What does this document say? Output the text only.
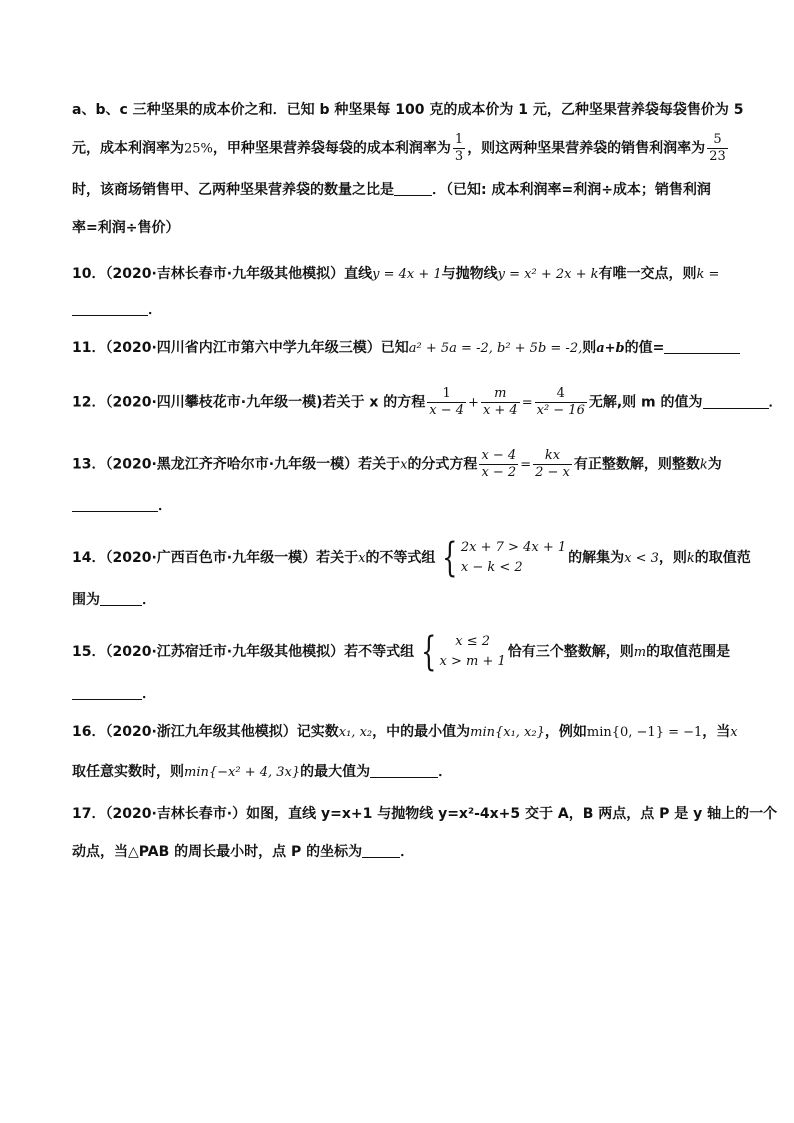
a、b、c 三种坚果的成本价之和．已知 b 种坚果每 100 克的成本价为 1 元，乙种坚果营养袋每袋售价为 5
元，成本利润率为25%，甲种坚果营养袋每袋的成本利润率为 $\frac{1}{3}$ ，则这两种坚果营养袋的销售利润率为 $\frac{5}{23}$
时，该商场销售甲、乙两种坚果营养袋的数量之比是	．（已知: 成本利润率=利润÷成本；销售利润
率=利润÷售价）
10．（2020·吉林长春市·九年级其他模拟）直线y = 4x + 1与抛物线y = x² + 2x + k有唯一交点，则k =
．
11．（2020·四川省内江市第六中学九年级三模）已知a² + 5a = -2, b² + 5b = -2,则a+b的值=
12．（2020·四川攀枝花市·九年级一模)若关于 x 的方程 $\frac{1}{x - 4} + \frac{m}{x + 4} = \frac{4}{\text{x² − 16}}$ 无解,则 m 的值为	．
13．（2020·黑龙江齐齐哈尔市·九年级一模）若关于x的分式方程 $\frac{x - 4}{x - 2} = \frac{kx}{2 - x}$ 有正整数解，则整数k为
．
14．（2020·广西百色市·九年级一模）若关于x的不等式组 { 2x + 7 > 4x + 1
x − k < 2
的解集为x < 3，则k的取值范
围为	．
15．（2020·江苏宿迁市·九年级其他模拟）若不等式组 { x ≤ 2
x > m + 1
恰有三个整数解，则m的取值范围是
．
16．（2020·浙江九年级其他模拟）记实数x₁, x₂，中的最小值为min{x₁, x₂}，例如min{0, −1} = −1，当x
取任意实数时，则min{−x² + 4, 3x}的最大值为	．
17．（2020·吉林长春市·）如图，直线 y=x+1 与抛物线 y=x²-4x+5 交于 A，B 两点，点 P 是 y 轴上的一个
动点，当△PAB 的周长最小时，点 P 的坐标为	．
